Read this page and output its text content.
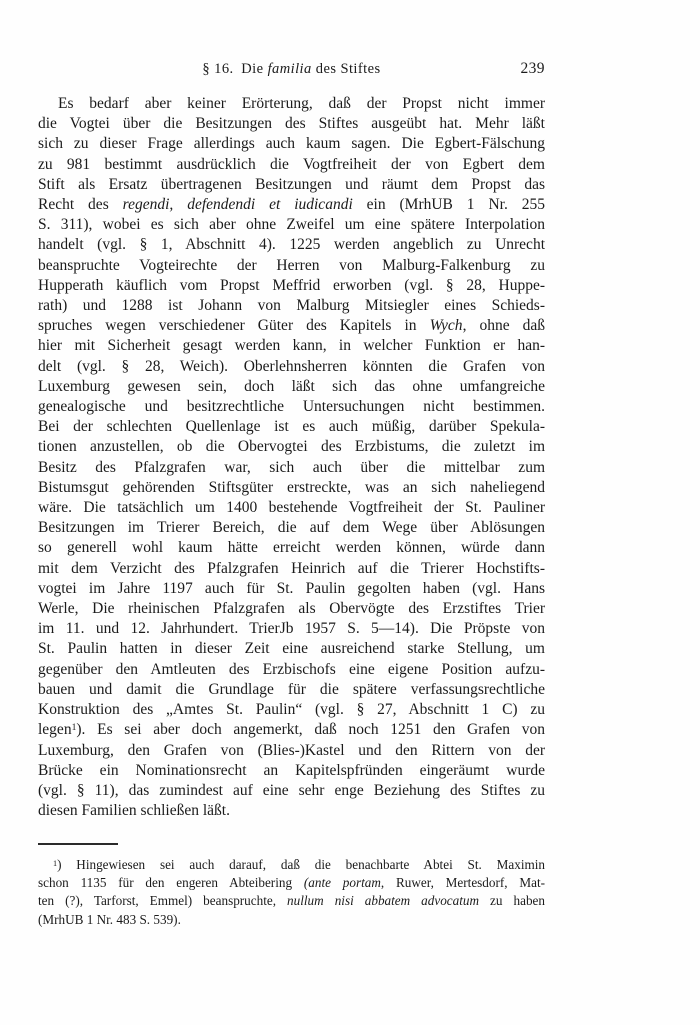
§ 16. Die familia des Stiftes	239
Es bedarf aber keiner Erörterung, daß der Propst nicht immer
die Vogtei über die Besitzungen des Stiftes ausgeübt hat. Mehr läßt
sich zu dieser Frage allerdings auch kaum sagen. Die Egbert-Fälschung
zu 981 bestimmt ausdrücklich die Vogtfreiheit der von Egbert dem
Stift als Ersatz übertragenen Besitzungen und räumt dem Propst das
Recht des regendi, defendendi et iudicandi ein (MrhUB 1 Nr. 255
S. 311), wobei es sich aber ohne Zweifel um eine spätere Interpolation
handelt (vgl. § 1, Abschnitt 4). 1225 werden angeblich zu Unrecht
beanspruchte Vogteirechte der Herren von Malburg-Falkenburg zu
Hupperath käuflich vom Propst Meffrid erworben (vgl. § 28, Huppe-
rath) und 1288 ist Johann von Malburg Mitsiegler eines Schieds-
spruches wegen verschiedener Güter des Kapitels in Wych, ohne daß
hier mit Sicherheit gesagt werden kann, in welcher Funktion er han-
delt (vgl. § 28, Weich). Oberlehnsherren könnten die Grafen von
Luxemburg gewesen sein, doch läßt sich das ohne umfangreiche
genealogische und besitzrechtliche Untersuchungen nicht bestimmen.
Bei der schlechten Quellenlage ist es auch müßig, darüber Spekula-
tionen anzustellen, ob die Obervogtei des Erzbistums, die zuletzt im
Besitz des Pfalzgrafen war, sich auch über die mittelbar zum
Bistumsgut gehörenden Stiftsgüter erstreckte, was an sich naheliegend
wäre. Die tatsächlich um 1400 bestehende Vogtfreiheit der St. Pauliner
Besitzungen im Trierer Bereich, die auf dem Wege über Ablösungen
so generell wohl kaum hätte erreicht werden können, würde dann
mit dem Verzicht des Pfalzgrafen Heinrich auf die Trierer Hochstifts-
vogtei im Jahre 1197 auch für St. Paulin gegolten haben (vgl. Hans
Werle, Die rheinischen Pfalzgrafen als Obervögte des Erzstiftes Trier
im 11. und 12. Jahrhundert. TrierJb 1957 S. 5—14). Die Pröpste von
St. Paulin hatten in dieser Zeit eine ausreichend starke Stellung, um
gegenüber den Amtleuten des Erzbischofs eine eigene Position aufzu-
bauen und damit die Grundlage für die spätere verfassungsrechtliche
Konstruktion des „Amtes St. Paulin“ (vgl. § 27, Abschnitt 1 C) zu
legen$^1$). Es sei aber doch angemerkt, daß noch 1251 den Grafen von
Luxemburg, den Grafen von (Blies-)Kastel und den Rittern von der
Brücke ein Nominationsrecht an Kapitelspfründen eingeräumt wurde
(vgl. § 11), das zumindest auf eine sehr enge Beziehung des Stiftes zu
diesen Familien schließen läßt.
$^1$) Hingewiesen sei auch darauf, daß die benachbarte Abtei St. Maximin
schon 1135 für den engeren Abteibering (ante portam, Ruwer, Mertesdorf, Mat-
ten (?), Tarforst, Emmel) beanspruchte, nullum nisi abbatem advocatum zu haben
(MrhUB 1 Nr. 483 S. 539).
